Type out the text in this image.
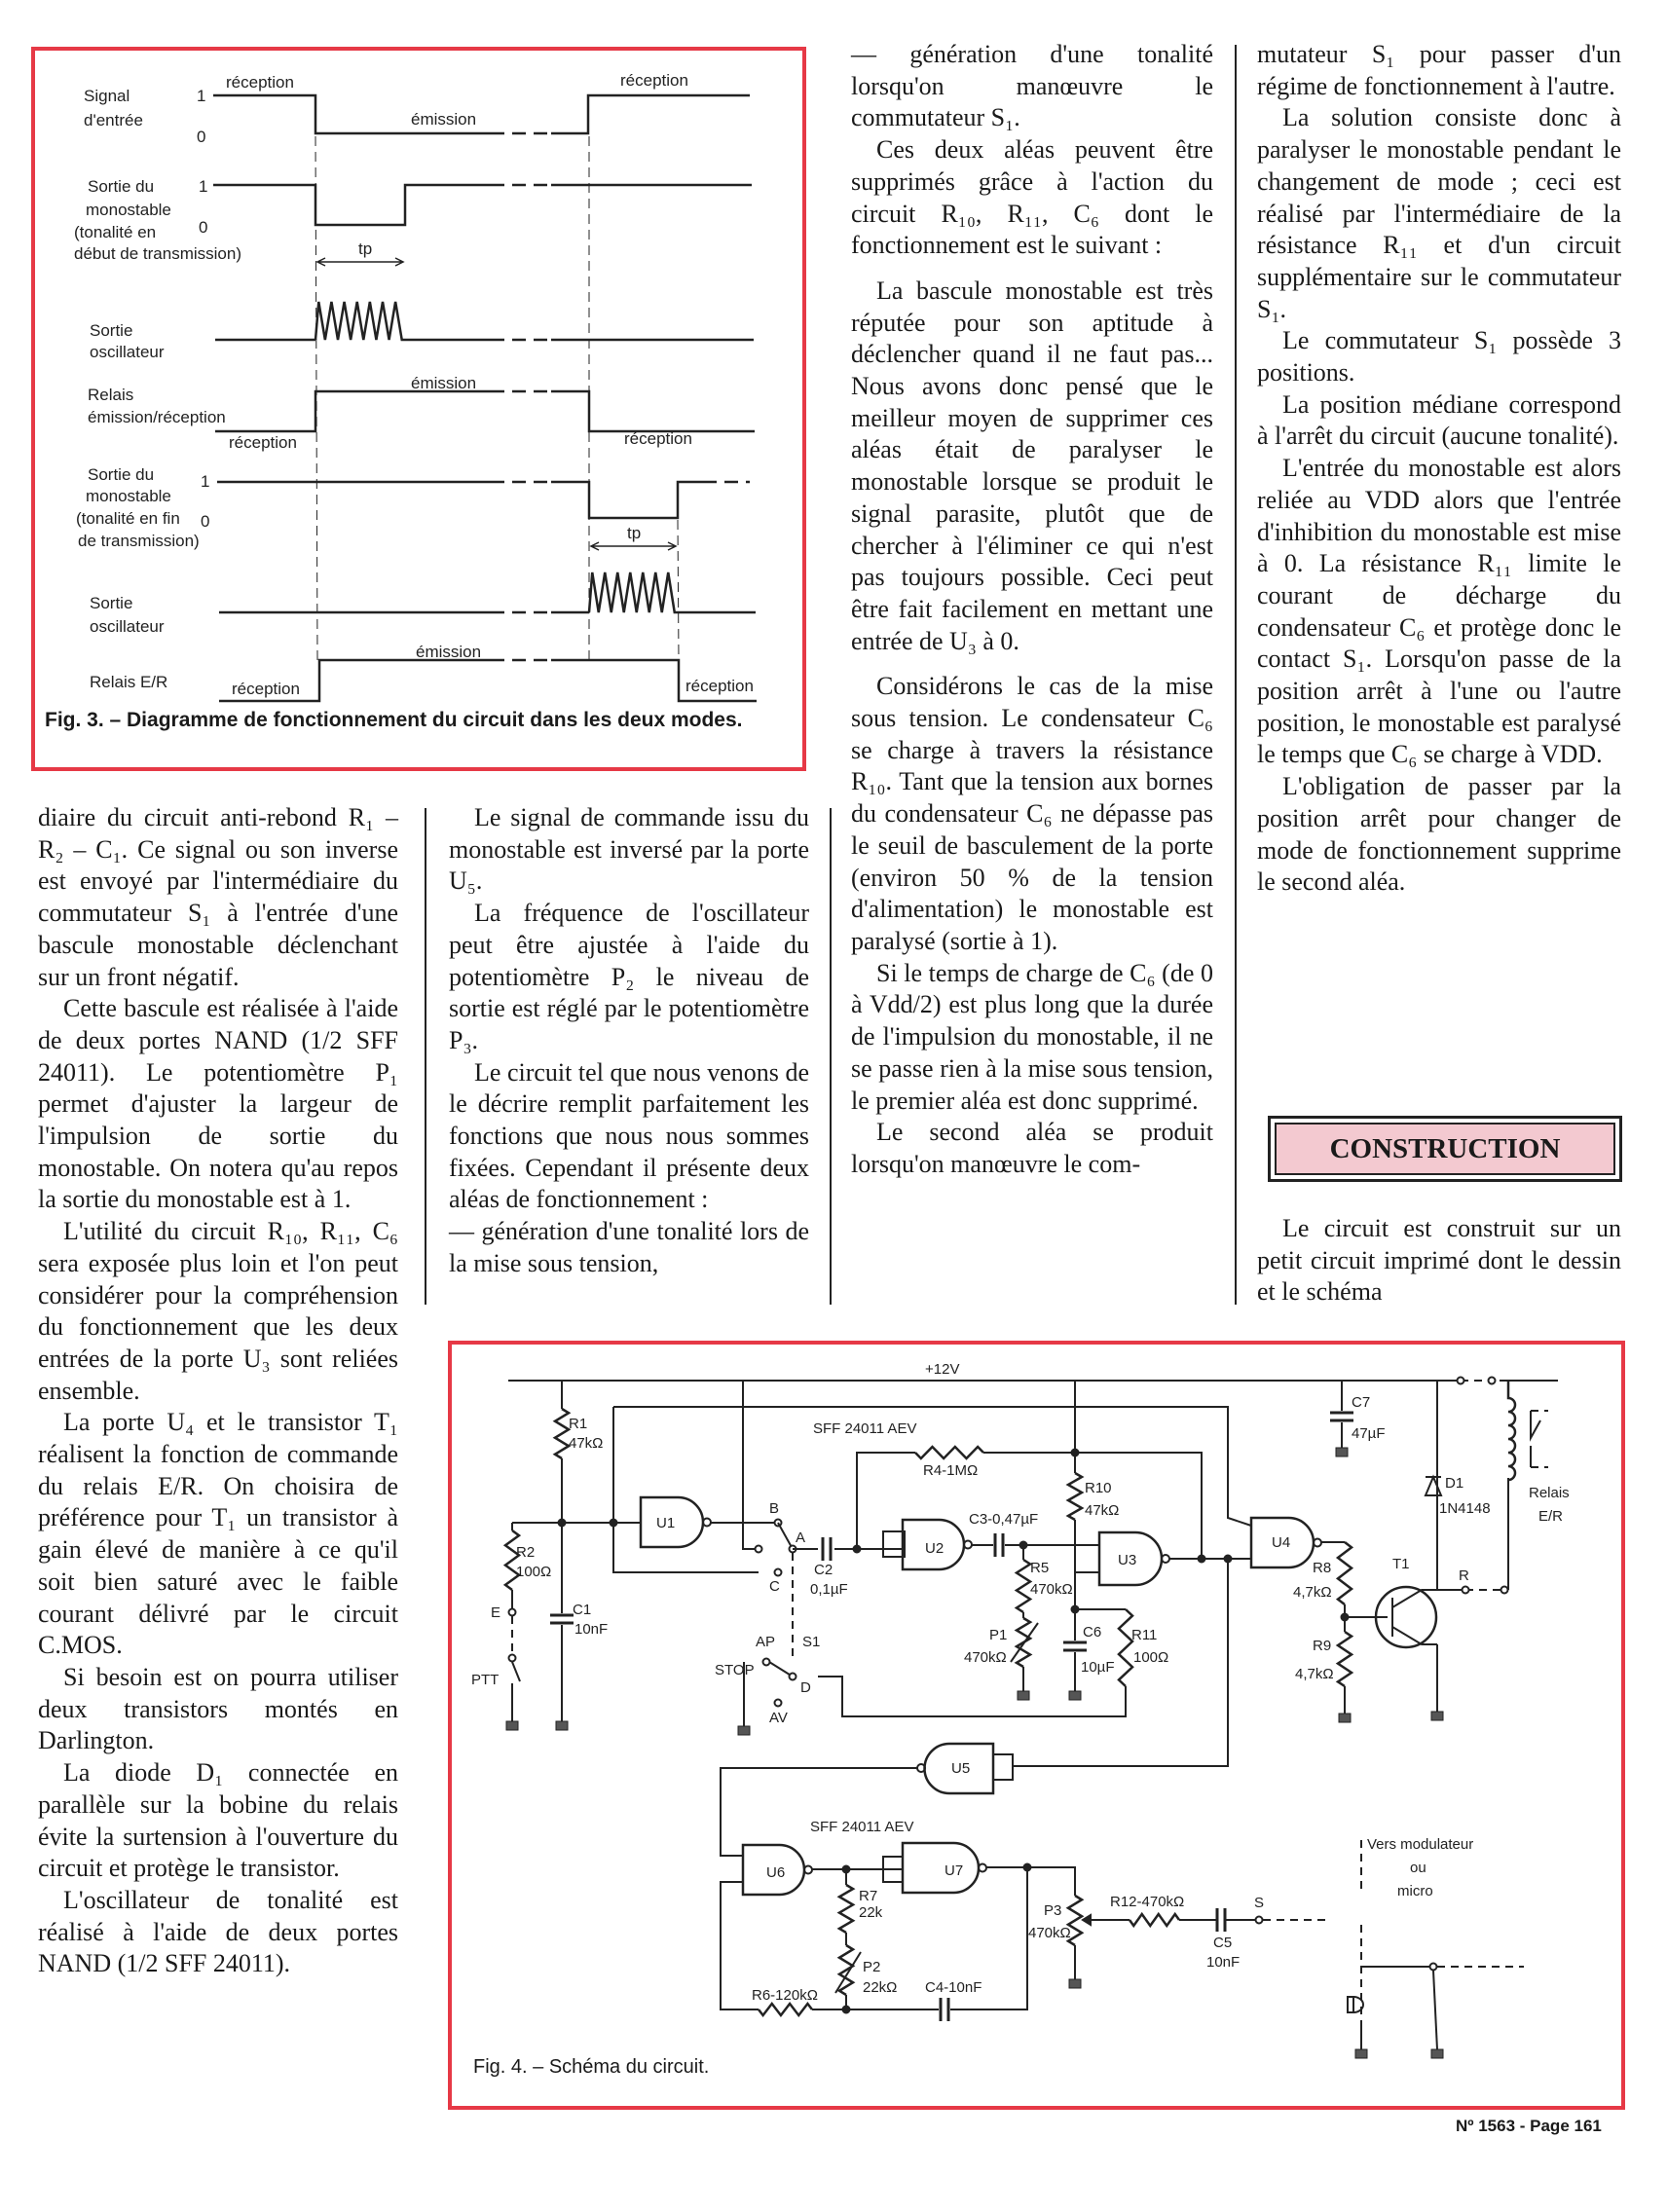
Signal
d'entrée
1
0
réception
émission
réception
Sortie du
monostable
(tonalité en
début de transmission)
1
0
tp
Sortie
oscillateur
Relais
émission/réception
émission
réception	réception
Sortie du
monostable
(tonalité en fin
de transmission)
1
0
tp
Sortie
oscillateur
Relais E/R
émission
réception	réception
Fig. 3. – Diagramme de fonctionnement du circuit dans les deux modes.

— génération d'une tonalité lorsqu'on manœuvre le commutateur S₁.

Ces deux aléas peuvent être supprimés grâce à l'action du circuit R₁₀, R₁₁, C₆ dont le fonctionnement est le suivant :

La bascule monostable est très réputée pour son aptitude à déclencher quand il ne faut pas... Nous avons donc pensé que le meilleur moyen de supprimer ces aléas était de paralyser le monostable lorsque se produit le signal parasite, plutôt que de chercher à l'éliminer ce qui n'est pas toujours possible. Ceci peut être fait facilement en mettant une entrée de U₃ à 0.

Considérons le cas de la mise sous tension. Le condensateur C₆ se charge à travers la résistance R₁₀. Tant que la tension aux bornes du condensateur C₆ ne dépasse pas le seuil de basculement de la porte (environ 50 % de la tension d'alimentation) le monostable est paralysé (sortie à 1).

Si le temps de charge de C₆ (de 0 à Vdd/2) est plus long que la durée de l'impulsion du monostable, il ne se passe rien à la mise sous tension, le premier aléa est donc supprimé.

Le second aléa se produit lorsqu'on manœuvre le com-

mutateur S₁ pour passer d'un régime de fonctionnement à l'autre.

La solution consiste donc à paralyser le monostable pendant le changement de mode ; ceci est réalisé par l'intermédiaire de la résistance R₁₁ et d'un circuit supplémentaire sur le commutateur S₁.

Le commutateur S₁ possède 3 positions.

La position médiane correspond à l'arrêt du circuit (aucune tonalité).

L'entrée du monostable est alors reliée au VDD alors que l'entrée d'inhibition du monostable est mise à 0. La résistance R₁₁ limite le courant de décharge du condensateur C₆ et protège donc le contact S₁. Lorsqu'on passe de la position arrêt à l'une ou l'autre position, le monostable est paralysé le temps que C₆ se charge à VDD.

L'obligation de passer par la position arrêt pour changer de mode de fonctionnement supprime le second aléa.

CONSTRUCTION

Le circuit est construit sur un petit circuit imprimé dont le dessin et le schéma

diaire du circuit anti-rebond R₁ – R₂ – C₁. Ce signal ou son inverse est envoyé par l'intermédiaire du commutateur S₁ à l'entrée d'une bascule monostable déclenchant sur un front négatif.

Cette bascule est réalisée à l'aide de deux portes NAND (1/2 SFF 24011). Le potentiomètre P₁ permet d'ajuster la largeur de l'impulsion de sortie du monostable. On notera qu'au repos la sortie du monostable est à 1.

L'utilité du circuit R₁₀, R₁₁, C₆ sera exposée plus loin et l'on peut considérer pour la compréhension du fonctionnement que les deux entrées de la porte U₃ sont reliées ensemble.

La porte U₄ et le transistor T₁ réalisent la fonction de commande du relais E/R. On choisira de préférence pour T₁ un transistor à gain élevé de manière à ce qu'il soit bien saturé avec le faible courant délivré par le circuit C.MOS.

Si besoin est on pourra utiliser deux transistors montés en Darlington.

La diode D₁ connectée en parallèle sur la bobine du relais évite la surtension à l'ouverture du circuit et protège le transistor.

L'oscillateur de tonalité est réalisé à l'aide de deux portes NAND (1/2 SFF 24011).

Le signal de commande issu du monostable est inversé par la porte U₅.

La fréquence de l'oscillateur peut être ajustée à l'aide du potentiomètre P₂ le niveau de sortie est réglé par le potentiomètre P₃.

Le circuit tel que nous venons de le décrire remplit parfaitement les fonctions que nous nous sommes fixées. Cependant il présente deux aléas de fonctionnement :

— génération d'une tonalité lors de la mise sous tension,

+12V
SFF 24011 AEV
SFF 24011 AEV
R1
47kΩ
R2
100Ω
C1
10nF
C2
0,1µF
R4-1MΩ
C3-0,47µF
R5
470kΩ
P1
470kΩ
R10
47kΩ
C6
10µF
R11
100Ω
R8
4,7kΩ
R9
4,7kΩ
C7
47µF
D1
1N4148
T1
R
Relais
E/R
U1
U2
U3
U4
U5
U6	U7
B
A
C
D
E
AP S1
STOP
AV
PTT
R7
22k
P2
22kΩ
R6-120kΩ	C4-10nF
P3
470kΩ
R12-470kΩ
C5
10nF
S
Vers modulateur
ou
micro
Fig. 4. – Schéma du circuit.
Nº 1563 - Page 161
